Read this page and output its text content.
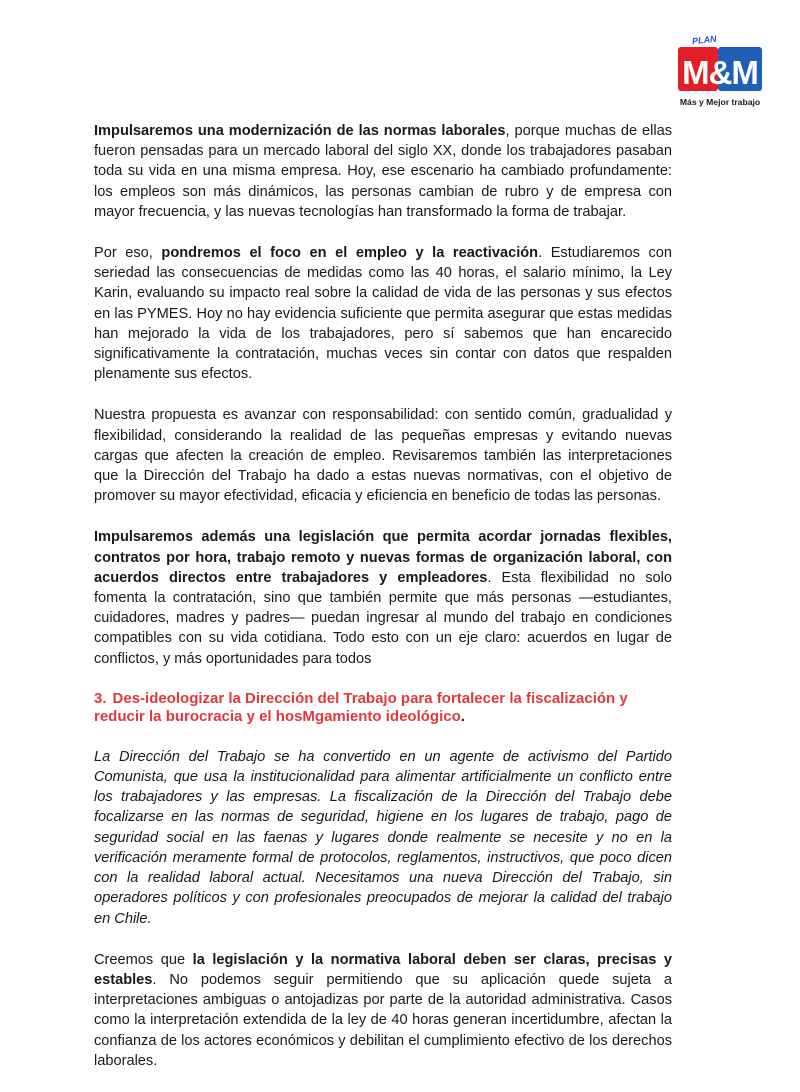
PLAN
M&M
Más y Mejor trabajo

Impulsaremos una modernización de las normas laborales, porque muchas de ellas fueron pensadas para un mercado laboral del siglo XX, donde los trabajadores pasaban toda su vida en una misma empresa. Hoy, ese escenario ha cambiado profundamente: los empleos son más dinámicos, las personas cambian de rubro y de empresa con mayor frecuencia, y las nuevas tecnologías han transformado la forma de trabajar.

Por eso, pondremos el foco en el empleo y la reactivación. Estudiaremos con seriedad las consecuencias de medidas como las 40 horas, el salario mínimo, la Ley Karin, evaluando su impacto real sobre la calidad de vida de las personas y sus efectos en las PYMES. Hoy no hay evidencia suficiente que permita asegurar que estas medidas han mejorado la vida de los trabajadores, pero sí sabemos que han encarecido significativamente la contratación, muchas veces sin contar con datos que respalden plenamente sus efectos.

Nuestra propuesta es avanzar con responsabilidad: con sentido común, gradualidad y flexibilidad, considerando la realidad de las pequeñas empresas y evitando nuevas cargas que afecten la creación de empleo. Revisaremos también las interpretaciones que la Dirección del Trabajo ha dado a estas nuevas normativas, con el objetivo de promover su mayor efectividad, eficacia y eficiencia en beneficio de todas las personas.

Impulsaremos además una legislación que permita acordar jornadas flexibles, contratos por hora, trabajo remoto y nuevas formas de organización laboral, con acuerdos directos entre trabajadores y empleadores. Esta flexibilidad no solo fomenta la contratación, sino que también permite que más personas —estudiantes, cuidadores, madres y padres— puedan ingresar al mundo del trabajo en condiciones compatibles con su vida cotidiana. Todo esto con un eje claro: acuerdos en lugar de conflictos, y más oportunidades para todos

3. Des-ideologizar la Dirección del Trabajo para fortalecer la fiscalización y reducir la burocracia y el hosMgamiento ideológico.

La Dirección del Trabajo se ha convertido en un agente de activismo del Partido Comunista, que usa la institucionalidad para alimentar artificialmente un conflicto entre los trabajadores y las empresas. La fiscalización de la Dirección del Trabajo debe focalizarse en las normas de seguridad, higiene en los lugares de trabajo, pago de seguridad social en las faenas y lugares donde realmente se necesite y no en la verificación meramente formal de protocolos, reglamentos, instructivos, que poco dicen con la realidad laboral actual. Necesitamos una nueva Dirección del Trabajo, sin operadores políticos y con profesionales preocupados de mejorar la calidad del trabajo en Chile.

Creemos que la legislación y la normativa laboral deben ser claras, precisas y estables. No podemos seguir permitiendo que su aplicación quede sujeta a interpretaciones ambiguas o antojadizas por parte de la autoridad administrativa. Casos como la interpretación extendida de la ley de 40 horas generan incertidumbre, afectan la confianza de los actores económicos y debilitan el cumplimiento efectivo de los derechos laborales.
